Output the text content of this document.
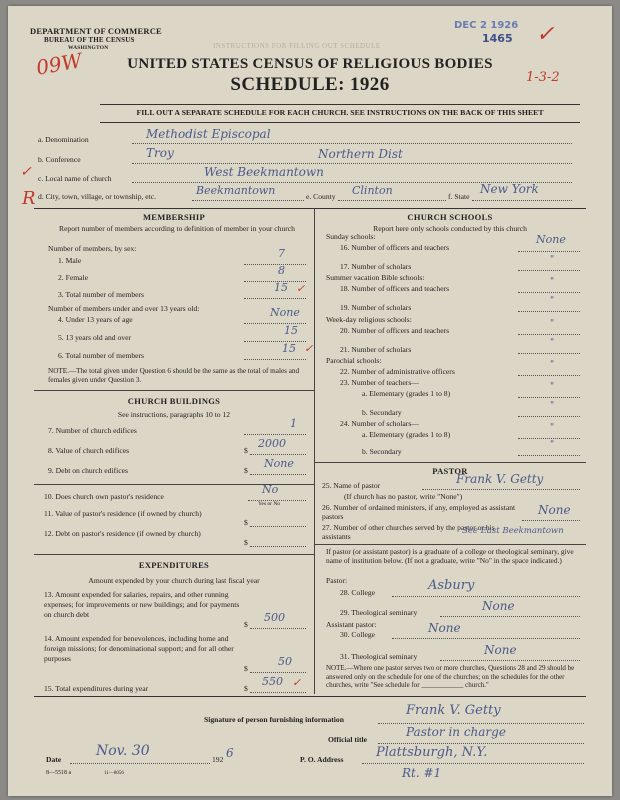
DEPARTMENT OF COMMERCE
BUREAU OF THE CENSUS
WASHINGTON	INSTRUCTIONS FOR FILLING OUT SCHEDULE
09W
DEC 2 1926
1465 ✓
1-3-2
UNITED STATES CENSUS OF RELIGIOUS BODIES
SCHEDULE: 1926
FILL OUT A SEPARATE SCHEDULE FOR EACH CHURCH. SEE INSTRUCTIONS ON THE BACK OF THIS SHEET
✓
R
a. Denomination	Methodist Episcopal
b. Conference	Troy	Northern Dist
c. Local name of church	West Beekmantown
d. City, town, village, or township, etc.	Beekmantown	e. County Clinton	f. State
New York
MEMBERSHIP
Report number of members according to definition of member in your church
Number of members, by sex:
1. Male
7
2. Female
8
3. Total number of members
15 ✓
Number of members under and over 13 years old:
4. Under 13 years of age
None
5. 13 years old and over
15
6. Total number of members
15 ✓
NOTE.—The total given under Question 6 should be the same as the total of males and females given under Question 3.
CHURCH BUILDINGS
See instructions, paragraphs 10 to 12
7. Number of church edifices
1
8. Value of church edifices	$
2000
9. Debt on church edifices	$
None
10. Does church own pastor's residence
No
Yes or No
11. Value of pastor's residence (if owned by church)
$
12. Debt on pastor's residence (if owned by church)
$
EXPENDITURES
Amount expended by your church during last fiscal year
13. Amount expended for salaries, repairs, and other running expenses; for improvements or new buildings; and for payments on church debt
$
500
14. Amount expended for benevolences, including home and foreign missions; for denominational support; and for all other purposes
$
50
15. Total expenditures during year	$
550 ✓
CHURCH SCHOOLS
Report here only schools conducted by this church
Sunday schools:
16. Number of officers and teachers
None
17. Number of scholars
"
Summer vacation Bible schools:
18. Number of officers and teachers
"
19. Number of scholars
"
Week-day religious schools:
20. Number of officers and teachers
"
21. Number of scholars
"
Parochial schools:
22. Number of administrative officers
"
23. Number of teachers—
a. Elementary (grades 1 to 8)
"
b. Secondary
"
24. Number of scholars—
a. Elementary (grades 1 to 8)
"
b. Secondary
"
PASTOR
25. Name of pastor	Frank V. Getty
(If church has no pastor, write "None")
26. Number of ordained ministers, if any, employed as assistant pastors	None
27. Number of other churches served by the pastor or his assistants
See East Beekmantown
If pastor (or assistant pastor) is a graduate of a college or theological seminary, give name of institution below. (If not a graduate, write "No" in the space indicated.)
Pastor:
28. College	Asbury
29. Theological seminary	None
Assistant pastor:
30. College	None
31. Theological seminary	None
NOTE.—Where one pastor serves two or more churches, Questions 28 and 29 should be answered only on the schedule for one of the churches; on the schedules for the other churches, write "See schedule for ____________ church."
Signature of person furnishing information
Frank V. Getty
Official title
Pastor in charge
Date
Nov. 30
192 6	P. O. Address	Plattsburgh, N.Y.
Rt. #1
8—5518 a	11—8056
